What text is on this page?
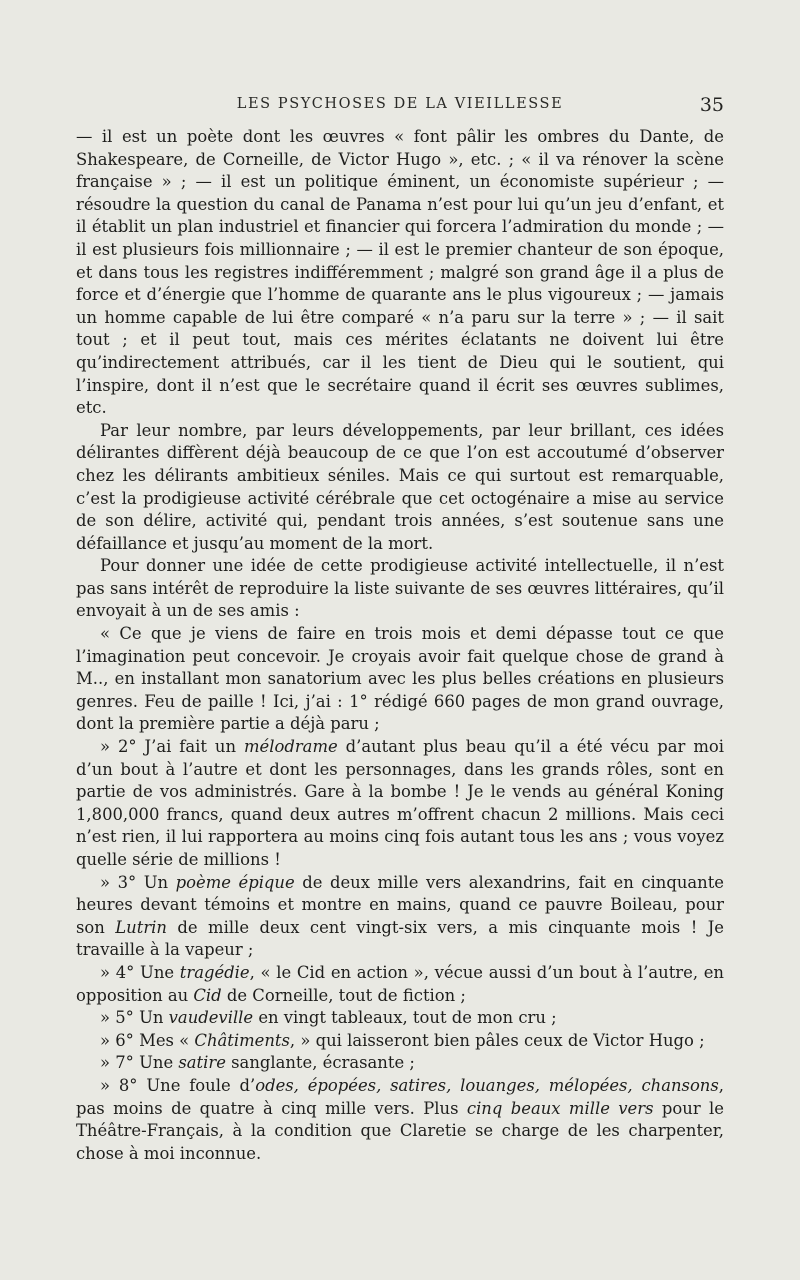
LES PSYCHOSES DE LA VIEILLESSE	35

— il est un poète dont les œuvres « font pâlir les ombres du Dante, de Shakespeare, de Corneille, de Victor Hugo », etc. ; « il va rénover la scène française » ; — il est un politique éminent, un économiste supérieur ; — résoudre la question du canal de Panama n’est pour lui qu’un jeu d’enfant, et il établit un plan industriel et financier qui forcera l’admiration du monde ; — il est plusieurs fois millionnaire ; — il est le premier chanteur de son époque, et dans tous les registres indifféremment ; malgré son grand âge il a plus de force et d’énergie que l’homme de quarante ans le plus vigoureux ; — jamais un homme capable de lui être comparé « n’a paru sur la terre » ; — il sait tout ; et il peut tout, mais ces mérites éclatants ne doivent lui être qu’indirectement attribués, car il les tient de Dieu qui le soutient, qui l’inspire, dont il n’est que le secrétaire quand il écrit ses œuvres sublimes, etc.

Par leur nombre, par leurs développements, par leur brillant, ces idées délirantes diffèrent déjà beaucoup de ce que l’on est accoutumé d’observer chez les délirants ambitieux séniles. Mais ce qui surtout est remarquable, c’est la prodigieuse activité cérébrale que cet octogénaire a mise au service de son délire, activité qui, pendant trois années, s’est soutenue sans une défaillance et jusqu’au moment de la mort.

Pour donner une idée de cette prodigieuse activité intellectuelle, il n’est pas sans intérêt de reproduire la liste suivante de ses œuvres littéraires, qu’il envoyait à un de ses amis :

« Ce que je viens de faire en trois mois et demi dépasse tout ce que l’imagination peut concevoir. Je croyais avoir fait quelque chose de grand à M.., en installant mon sanatorium avec les plus belles créations en plusieurs genres. Feu de paille ! Ici, j’ai : 1° rédigé 660 pages de mon grand ouvrage, dont la première partie a déjà paru ;

» 2° J’ai fait un mélodrame d’autant plus beau qu’il a été vécu par moi d’un bout à l’autre et dont les personnages, dans les grands rôles, sont en partie de vos administrés. Gare à la bombe ! Je le vends au général Koning 1,800,000 francs, quand deux autres m’offrent chacun 2 millions. Mais ceci n’est rien, il lui rapportera au moins cinq fois autant tous les ans ; vous voyez quelle série de millions !

» 3° Un poème épique de deux mille vers alexandrins, fait en cinquante heures devant témoins et montre en mains, quand ce pauvre Boileau, pour son Lutrin de mille deux cent vingt-six vers, a mis cinquante mois ! Je travaille à la vapeur ;

» 4° Une tragédie, « le Cid en action », vécue aussi d’un bout à l’autre, en opposition au Cid de Corneille, tout de fiction ;

» 5° Un vaudeville en vingt tableaux, tout de mon cru ;

» 6° Mes « Châtiments, » qui laisseront bien pâles ceux de Victor Hugo ;

» 7° Une satire sanglante, écrasante ;

» 8° Une foule d’odes, épopées, satires, louanges, mélopées, chansons, pas moins de quatre à cinq mille vers. Plus cinq beaux mille vers pour le Théâtre-Français, à la condition que Claretie se charge de les charpenter, chose à moi inconnue.
